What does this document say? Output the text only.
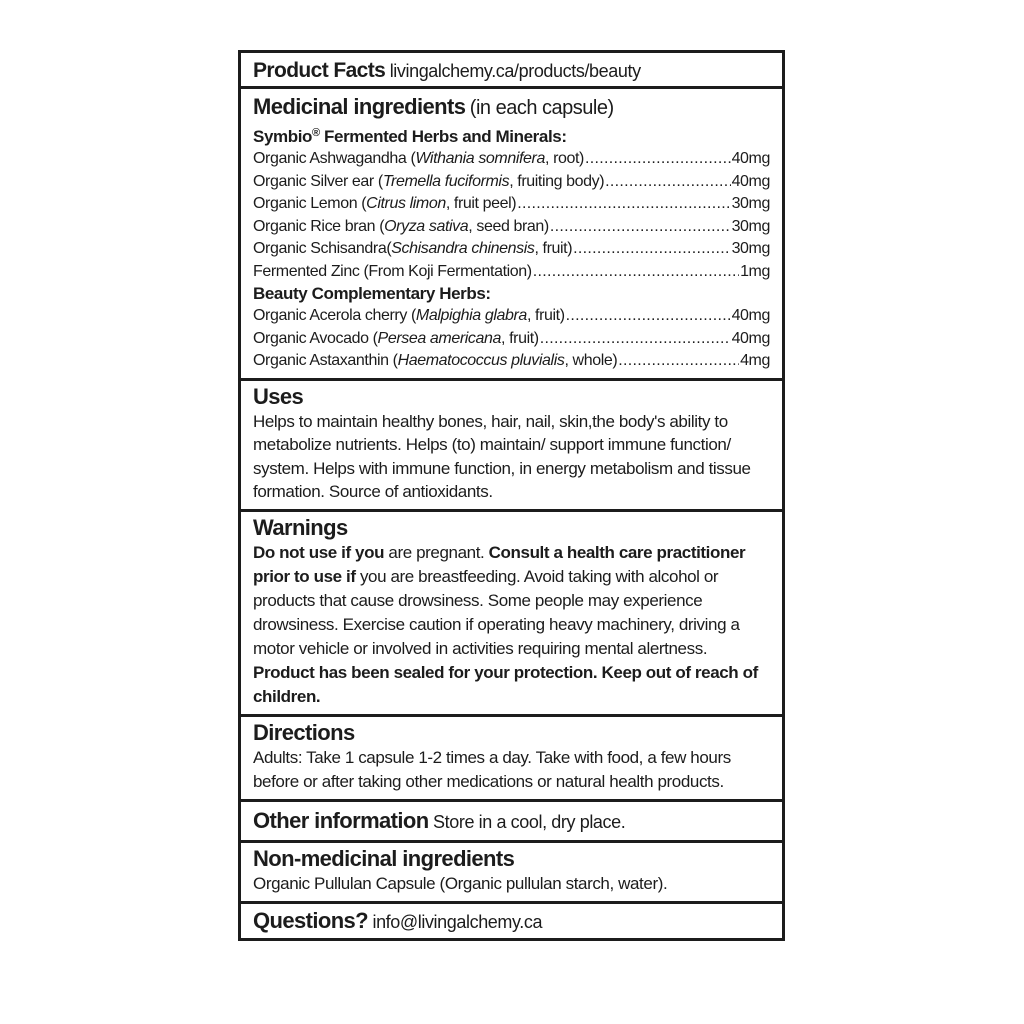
Product Facts livingalchemy.ca/products/beauty
Medicinal ingredients (in each capsule)
Symbio® Fermented Herbs and Minerals:
Organic Ashwagandha (Withania somnifera, root) .....	40mg
Organic Silver ear (Tremella fuciformis, fruiting body) .....	40mg
Organic Lemon (Citrus limon, fruit peel) .....	30mg
Organic Rice bran (Oryza sativa, seed bran) .....	30mg
Organic Schisandra(Schisandra chinensis, fruit) .....	30mg
Fermented Zinc (From Koji Fermentation) .....	1mg
Beauty Complementary Herbs:
Organic Acerola cherry (Malpighia glabra, fruit) .....	40mg
Organic Avocado (Persea americana, fruit) .....	40mg
Organic Astaxanthin (Haematococcus pluvialis, whole) .....	4mg
Uses
Helps to maintain healthy bones, hair, nail, skin,the body's ability to metabolize nutrients. Helps (to) maintain/ support immune function/ system. Helps with immune function, in energy metabolism and tissue formation. Source of antioxidants.
Warnings
Do not use if you are pregnant. Consult a health care practitioner prior to use if you are breastfeeding. Avoid taking with alcohol or products that cause drowsiness. Some people may experience drowsiness. Exercise caution if operating heavy machinery, driving a motor vehicle or involved in activities requiring mental alertness. Product has been sealed for your protection. Keep out of reach of children.
Directions
Adults: Take 1 capsule 1-2 times a day. Take with food, a few hours before or after taking other medications or natural health products.
Other information Store in a cool, dry place.
Non-medicinal ingredients
Organic Pullulan Capsule (Organic pullulan starch, water).
Questions? info@livingalchemy.ca
